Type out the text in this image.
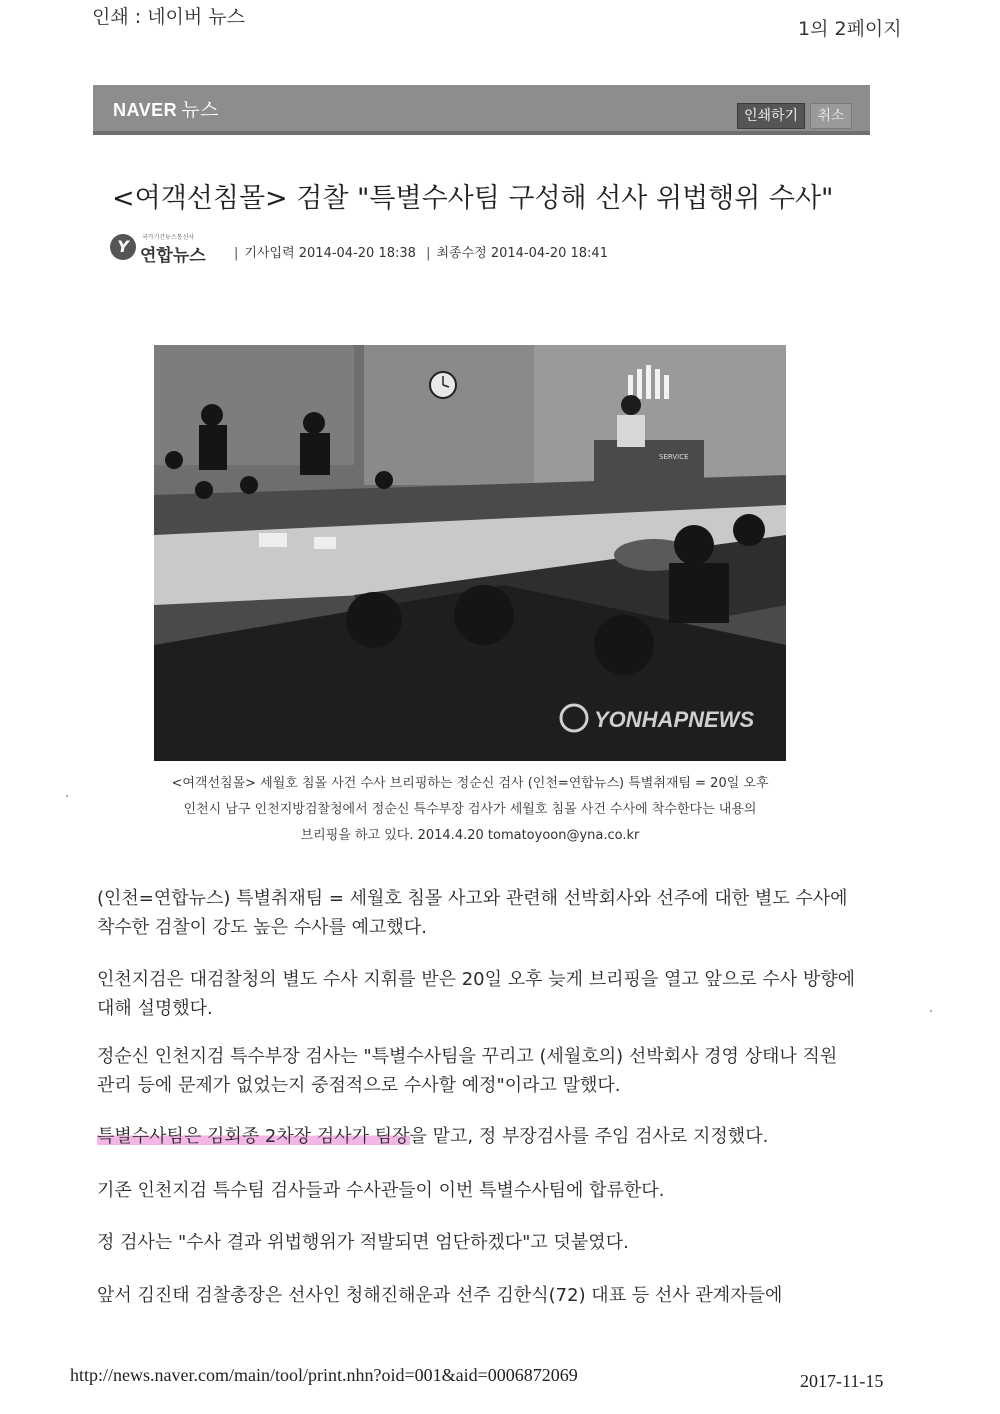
인쇄 : 네이버 뉴스
1의 2페이지
NAVER 뉴스	인쇄하기	취소
<여객선침몰> 검찰 "특별수사팀 구성해 선사 위법행위 수사"
Y	국가기간뉴스통신사
연합뉴스	| 기사입력 2014-04-20 18:38 | 최종수정 2014-04-20 18:41
SERVICE
YONHAPNEWS
<여객선침몰> 세월호 침몰 사건 수사 브리핑하는 정순신 검사 (인천=연합뉴스) 특별취재팀 = 20일 오후
인천시 남구 인천지방검찰청에서 정순신 특수부장 검사가 세월호 침몰 사건 수사에 착수한다는 내용의
브리핑을 하고 있다. 2014.4.20 tomatoyoon@yna.co.kr
(인천=연합뉴스) 특별취재팀 = 세월호 침몰 사고와 관련해 선박회사와 선주에 대한 별도 수사에 착수한 검찰이 강도 높은 수사를 예고했다.
인천지검은 대검찰청의 별도 수사 지휘를 받은 20일 오후 늦게 브리핑을 열고 앞으로 수사 방향에 대해 설명했다.
정순신 인천지검 특수부장 검사는 "특별수사팀을 꾸리고 (세월호의) 선박회사 경영 상태나 직원 관리 등에 문제가 없었는지 중점적으로 수사할 예정"이라고 말했다.
특별수사팀은 김회종 2차장 검사가 팀장을 맡고, 정 부장검사를 주임 검사로 지정했다.
기존 인천지검 특수팀 검사들과 수사관들이 이번 특별수사팀에 합류한다.
정 검사는 "수사 결과 위법행위가 적발되면 엄단하겠다"고 덧붙였다.
앞서 김진태 검찰총장은 선사인 청해진해운과 선주 김한식(72) 대표 등 선사 관계자들에
http://news.naver.com/main/tool/print.nhn?oid=001&aid=0006872069	2017-11-15
